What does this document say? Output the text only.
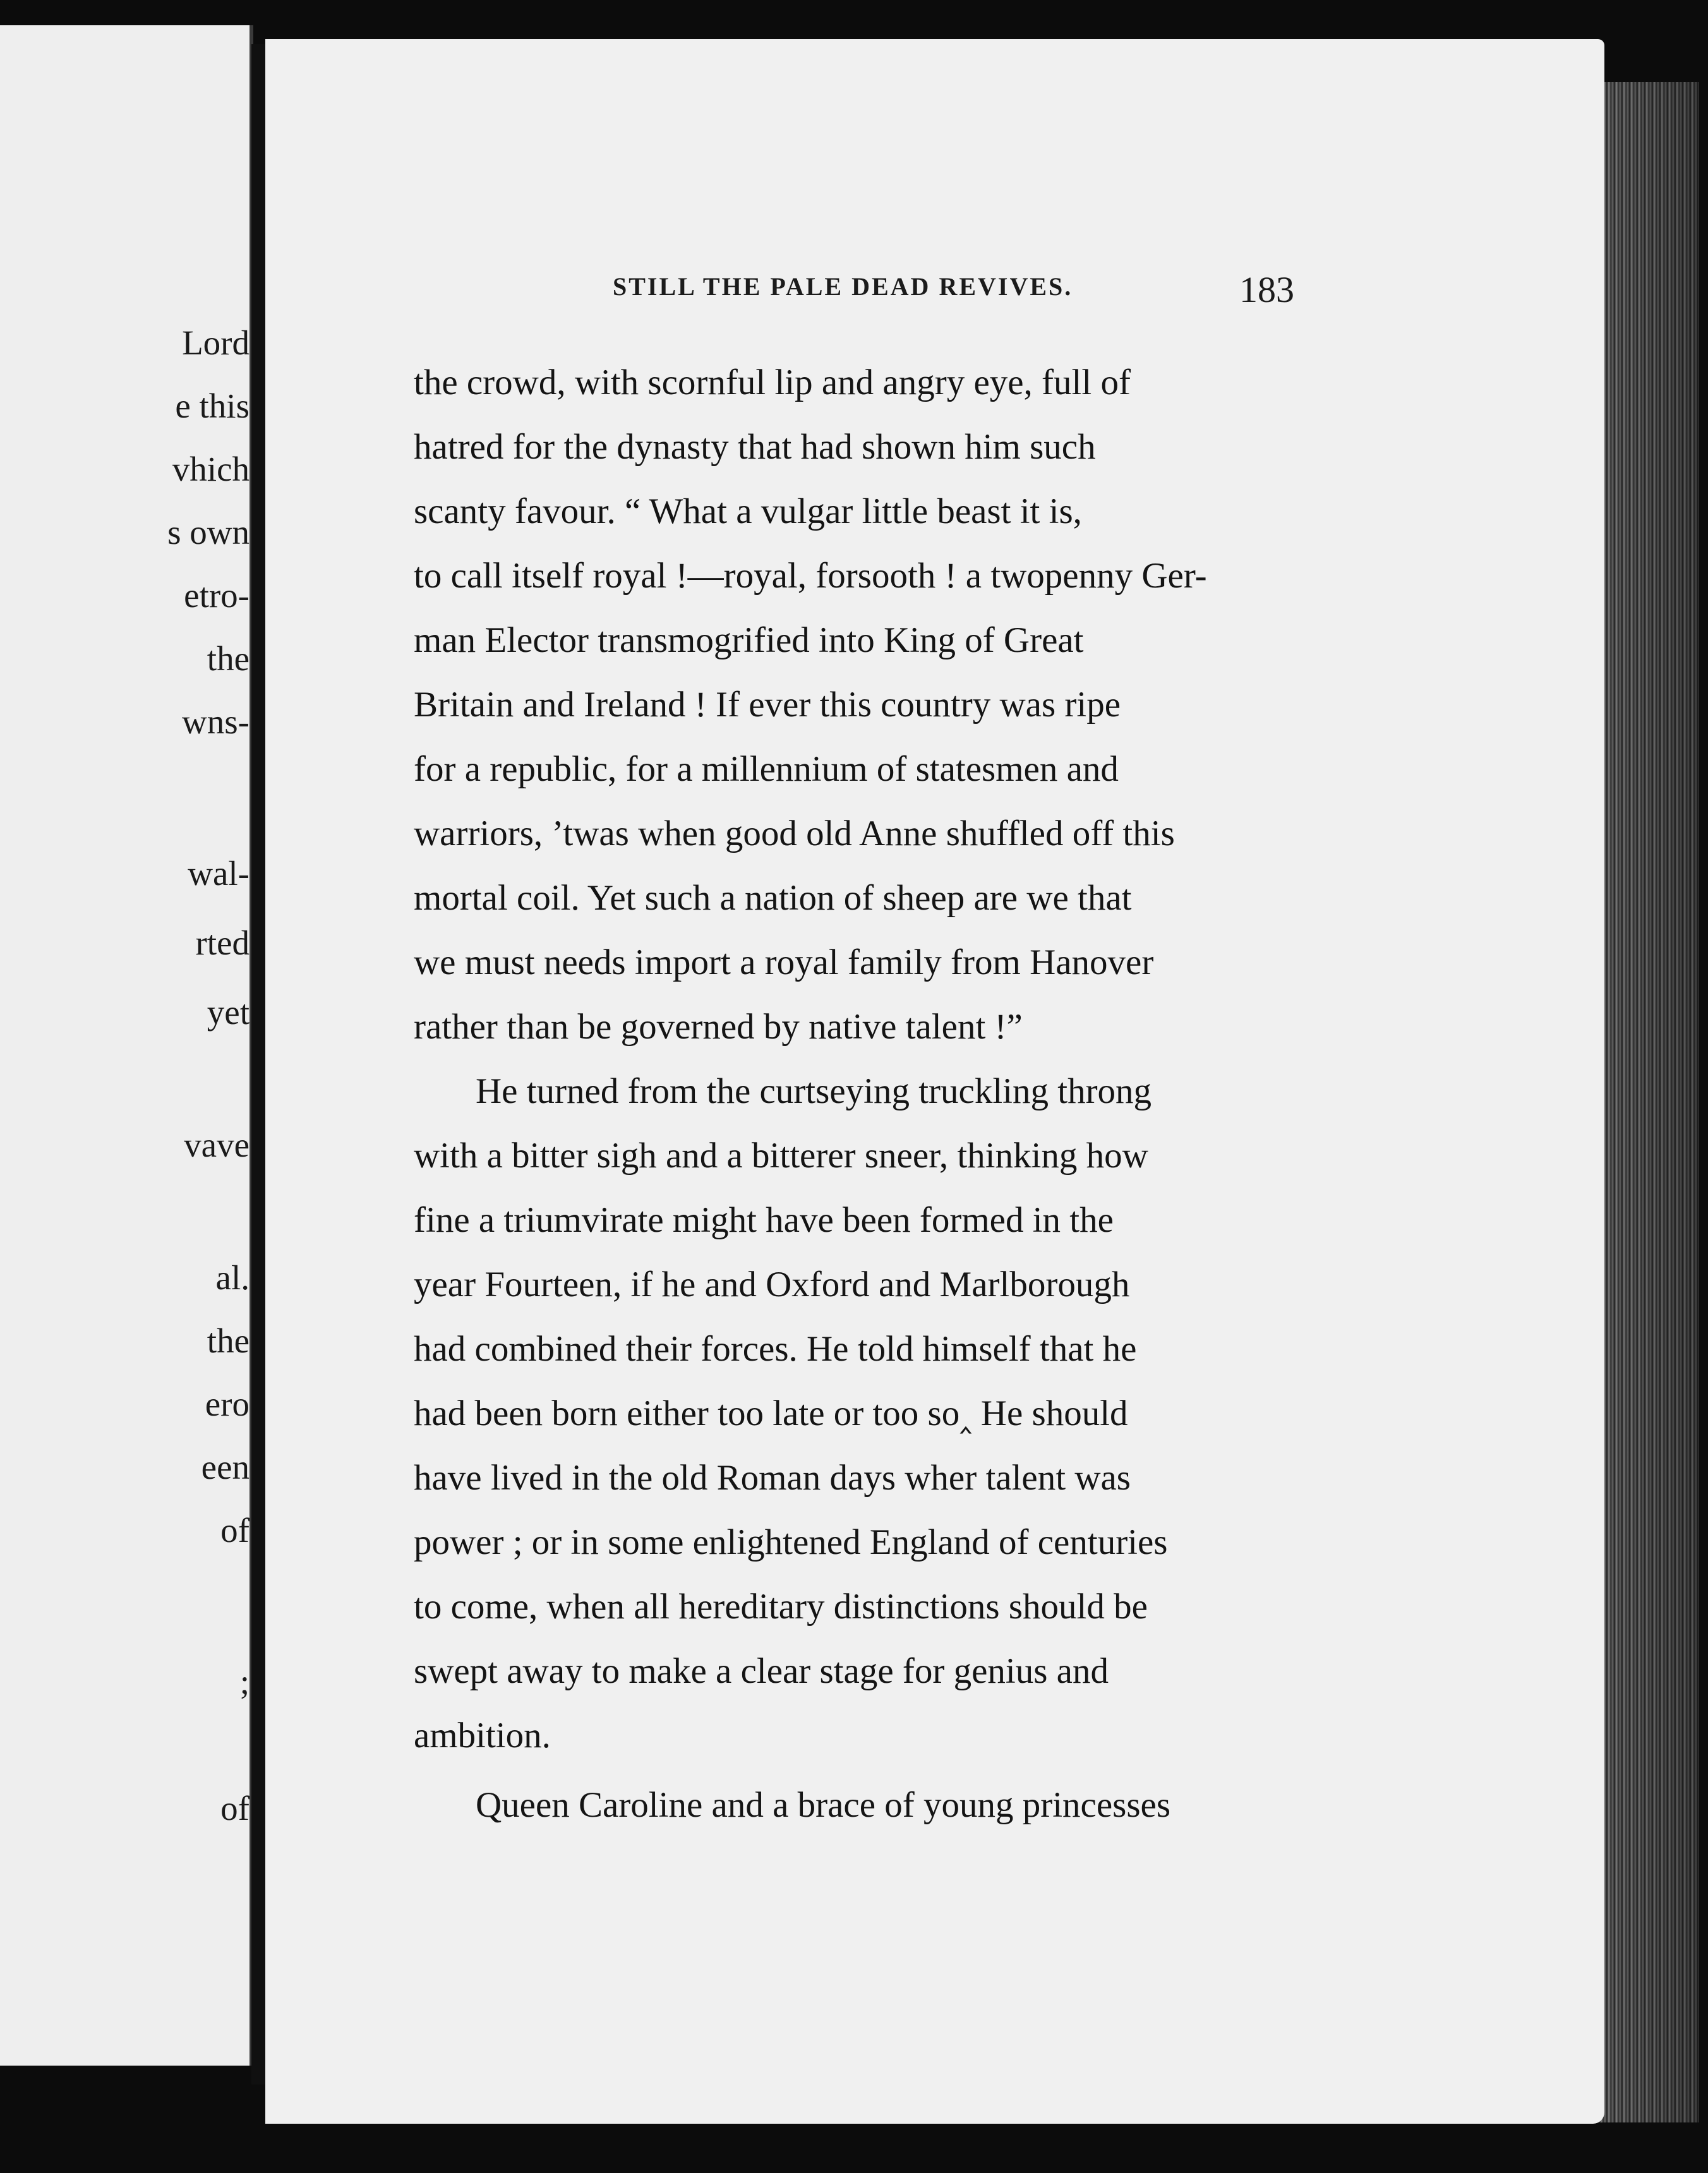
Lord
e this
vhich
s own
etro-
the
wns-
wal-
rted
yet
vave
al.
the
ero
een
of
;
of
STILL THE PALE DEAD REVIVES.	183
the crowd, with scornful lip and angry eye, full of
hatred for the dynasty that had shown him such
scanty favour. “ What a vulgar little beast it is,
to call itself royal !—royal, forsooth ! a twopenny Ger-
man Elector transmogrified into King of Great
Britain and Ireland ! If ever this country was ripe
for a republic, for a millennium of statesmen and
warriors, ’twas when good old Anne shuffled off this
mortal coil. Yet such a nation of sheep are we that
we must needs import a royal family from Hanover
rather than be governed by native talent !”
He turned from the curtseying truckling throng
with a bitter sigh and a bitterer sneer, thinking how
fine a triumvirate might have been formed in the
year Fourteen, if he and Oxford and Marlborough
had combined their forces. He told himself that he
had been born either too late or too so‸ He should
have lived in the old Roman days wher talent was
power ; or in some enlightened England of centuries
to come, when all hereditary distinctions should be
swept away to make a clear stage for genius and
ambition.
Queen Caroline and a brace of young princesses
